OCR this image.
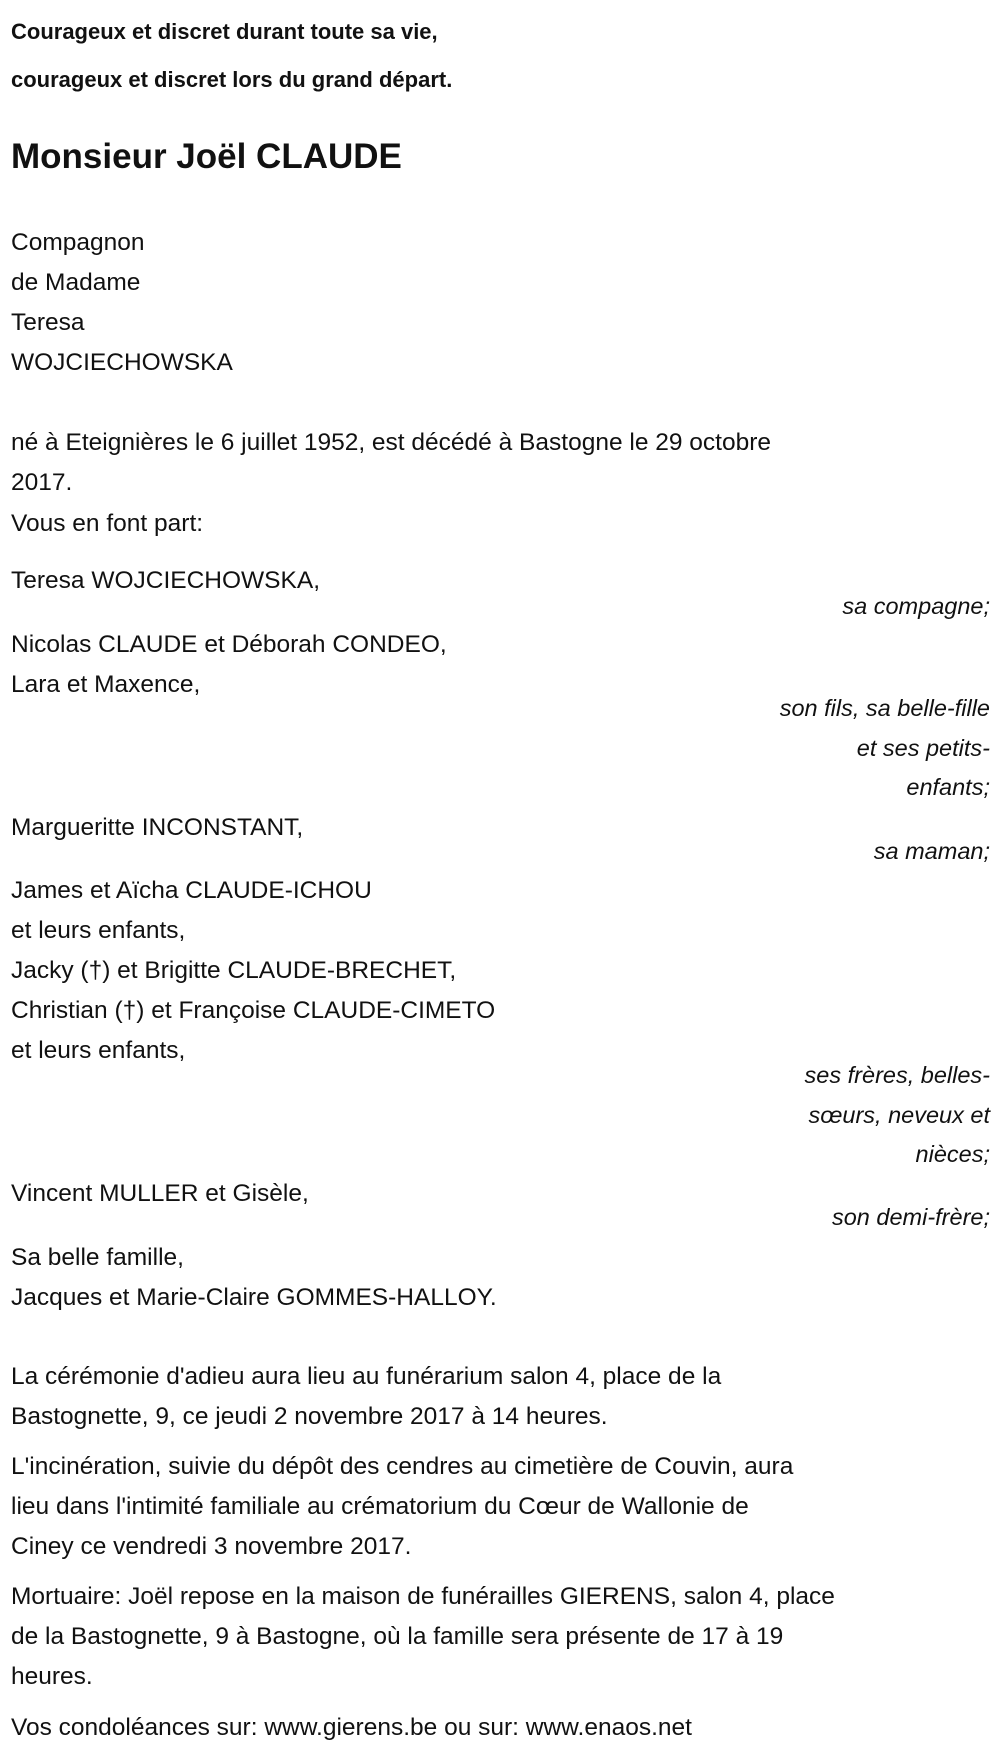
Courageux et discret durant toute sa vie,
courageux et discret lors du grand départ.
Monsieur Joël CLAUDE
Compagnon
de Madame
Teresa
WOJCIECHOWSKA
né à Eteignières le 6 juillet 1952, est décédé à Bastogne le 29 octobre
2017.
Vous en font part:
Teresa WOJCIECHOWSKA,
sa compagne;
Nicolas CLAUDE et Déborah CONDEO,
Lara et Maxence,
son fils, sa belle-fille
et ses petits-
enfants;
Margueritte INCONSTANT,
sa maman;
James et Aïcha CLAUDE-ICHOU
et leurs enfants,
Jacky (†) et Brigitte CLAUDE-BRECHET,
Christian (†) et Françoise CLAUDE-CIMETO
et leurs enfants,
ses frères, belles-
sœurs, neveux et
nièces;
Vincent MULLER et Gisèle,
son demi-frère;
Sa belle famille,
Jacques et Marie-Claire GOMMES-HALLOY.
La cérémonie d'adieu aura lieu au funérarium salon 4, place de la
Bastognette, 9, ce jeudi 2 novembre 2017 à 14 heures.
L'incinération, suivie du dépôt des cendres au cimetière de Couvin, aura
lieu dans l'intimité familiale au crématorium du Cœur de Wallonie de
Ciney ce vendredi 3 novembre 2017.
Mortuaire: Joël repose en la maison de funérailles GIERENS, salon 4, place
de la Bastognette, 9 à Bastogne, où la famille sera présente de 17 à 19
heures.
Vos condoléances sur: www.gierens.be ou sur: www.enaos.net
